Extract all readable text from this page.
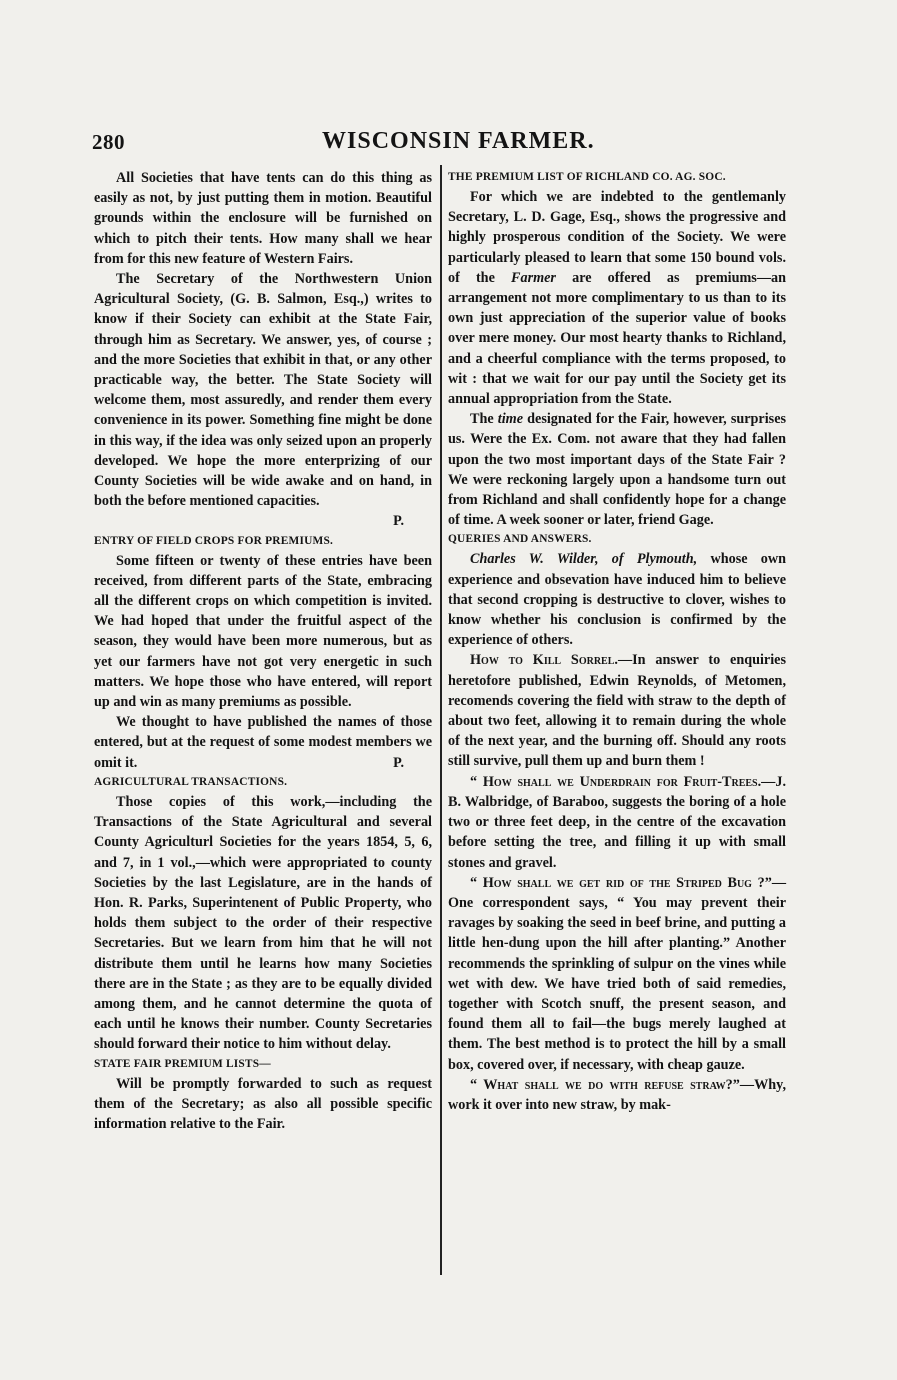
280	WISCONSIN FARMER.

All Societies that have tents can do this thing as easily as not, by just putting them in motion. Beautiful grounds within the enclosure will be furnished on which to pitch their tents. How many shall we hear from for this new feature of Western Fairs.

The Secretary of the Northwestern Union Agricultural Society, (G. B. Salmon, Esq.,) writes to know if their Society can exhibit at the State Fair, through him as Secretary. We answer, yes, of course ; and the more Societies that exhibit in that, or any other practicable way, the better. The State Society will welcome them, most assuredly, and render them every convenience in its power. Something fine might be done in this way, if the idea was only seized upon an properly developed. We hope the more enterprizing of our County Societies will be wide awake and on hand, in both the before mentioned capacities.

P.
ENTRY OF FIELD CROPS FOR PREMIUMS.

Some fifteen or twenty of these entries have been received, from different parts of the State, embracing all the different crops on which competition is invited. We had hoped that under the fruitful aspect of the season, they would have been more numerous, but as yet our farmers have not got very energetic in such matters. We hope those who have entered, will report up and win as many premiums as possible.

We thought to have published the names of those entered, but at the request of some modest members we omit it.	P.

AGRICULTURAL TRANSACTIONS.

Those copies of this work,—including the Transactions of the State Agricultural and several County Agriculturl Societies for the years 1854, 5, 6, and 7, in 1 vol.,—which were appropriated to county Societies by the last Legislature, are in the hands of Hon. R. Parks, Superintenent of Public Property, who holds them subject to the order of their respective Secretaries. But we learn from him that he will not distribute them until he learns how many Societies there are in the State ; as they are to be equally divided among them, and he cannot determine the quota of each until he knows their number. County Secretaries should forward their notice to him without delay.

STATE FAIR PREMIUM LISTS—

Will be promptly forwarded to such as request them of the Secretary; as also all possible specific information relative to the Fair.

THE PREMIUM LIST OF RICHLAND CO. AG. SOC.

For which we are indebted to the gentlemanly Secretary, L. D. Gage, Esq., shows the progressive and highly prosperous condition of the Society. We were particularly pleased to learn that some 150 bound vols. of the Farmer are offered as premiums—an arrangement not more complimentary to us than to its own just appreciation of the superior value of books over mere money. Our most hearty thanks to Richland, and a cheerful compliance with the terms proposed, to wit : that we wait for our pay until the Society get its annual appropriation from the State.

The time designated for the Fair, however, surprises us. Were the Ex. Com. not aware that they had fallen upon the two most important days of the State Fair ? We were reckoning largely upon a handsome turn out from Richland and shall confidently hope for a change of time. A week sooner or later, friend Gage.

QUERIES AND ANSWERS.

Charles W. Wilder, of Plymouth, whose own experience and obsevation have induced him to believe that second cropping is destructive to clover, wishes to know whether his conclusion is confirmed by the experience of others.

How to Kill Sorrel.—In answer to enquiries heretofore published, Edwin Reynolds, of Metomen, recomends covering the field with straw to the depth of about two feet, allowing it to remain during the whole of the next year, and the burning off. Should any roots still survive, pull them up and burn them !

“ How shall we Underdrain for Fruit-Trees.—J. B. Walbridge, of Baraboo, suggests the boring of a hole two or three feet deep, in the centre of the excavation before setting the tree, and filling it up with small stones and gravel.

“ How shall we get rid of the Striped Bug ?”—One correspondent says, “ You may prevent their ravages by soaking the seed in beef brine, and putting a little hen-dung upon the hill after planting.” Another recommends the sprinkling of sulpur on the vines while wet with dew. We have tried both of said remedies, together with Scotch snuff, the present season, and found them all to fail—the bugs merely laughed at them. The best method is to protect the hill by a small box, covered over, if necessary, with cheap gauze.

“ What shall we do with refuse straw?”—Why, work it over into new straw, by mak-
